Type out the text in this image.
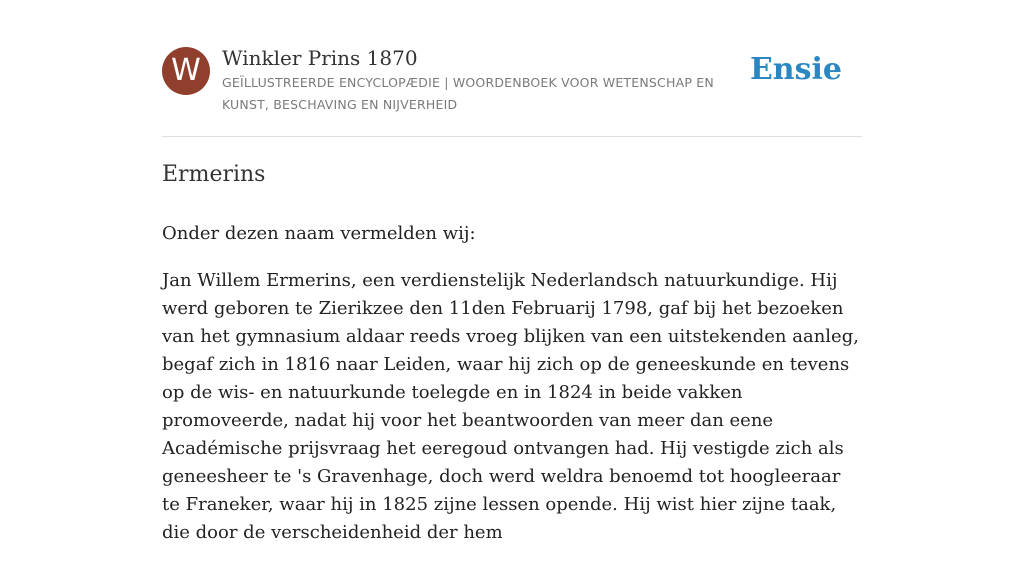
W	Winkler Prins 1870
GEÏLLUSTREERDE ENCYCLOPÆDIE | WOORDENBOEK VOOR WETENSCHAP EN KUNST, BESCHAVING EN NIJVERHEID
Ensie
Ermerins

Onder dezen naam vermelden wij:

Jan Willem Ermerins, een verdienstelijk Nederlandsch natuurkundige. Hij werd geboren te Zierikzee den 11den Februarij 1798, gaf bij het bezoeken van het gymnasium aldaar reeds vroeg blijken van een uitstekenden aanleg, begaf zich in 1816 naar Leiden, waar hij zich op de geneeskunde en tevens op de wis- en natuurkunde toelegde en in 1824 in beide vakken promoveerde, nadat hij voor het beantwoorden van meer dan eene Académische prijsvraag het eeregoud ontvangen had. Hij vestigde zich als geneesheer te 's Gravenhage, doch werd weldra benoemd tot hoogleeraar te Franeker, waar hij in 1825 zijne lessen opende. Hij wist hier zijne taak, die door de verscheidenheid der hem
